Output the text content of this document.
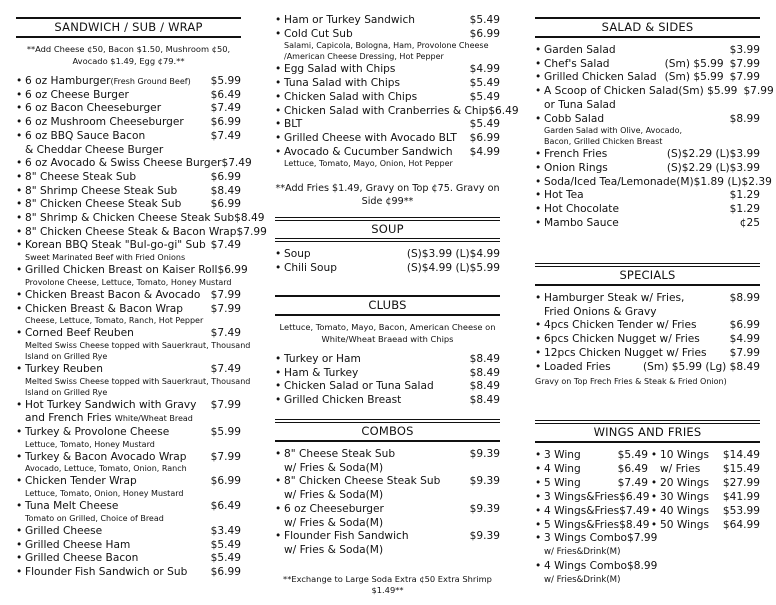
SANDWICH / SUB / WRAP
**Add Cheese ¢50, Bacon $1.50, Mushroom ¢50, Avocado $1.49, Egg ¢79.**
• 6 oz Hamburger(Fresh Ground Beef)	$5.99
• 6 oz Cheese Burger	$6.49
• 6 oz Bacon Cheeseburger	$7.49
• 6 oz Mushroom Cheeseburger	$6.99
• 6 oz BBQ Sauce Bacon	$7.49
& Cheddar Cheese Burger
• 6 oz Avocado & Swiss Cheese Burger $7.49
• 8" Cheese Steak Sub	$6.99
• 8" Shrimp Cheese Steak Sub	$8.49
• 8" Chicken Cheese Steak Sub	$6.99
• 8" Shrimp & Chicken Cheese Steak Sub $8.49
• 8" Chicken Cheese Steak & Bacon Wrap $7.99
• Korean BBQ Steak "Bul-go-gi" Sub $7.49
Sweet Marinated Beef with Fried Onions
• Grilled Chicken Breast on Kaiser Roll $6.99
Provolone Cheese, Lettuce, Tomato, Honey Mustard
• Chicken Breast Bacon & Avocado $7.99
• Chicken Breast & Bacon Wrap	$7.99
Cheese, Lettuce, Tomato, Ranch, Hot Pepper
• Corned Beef Reuben	$7.49
Melted Swiss Cheese topped with Sauerkraut, Thousand
Island on Grilled Rye
• Turkey Reuben	$7.49
Melted Swiss Cheese topped with Sauerkraut, Thousand
Island on Grilled Rye
• Hot Turkey Sandwich with Gravy	$7.99
and French Fries White/Wheat Bread
• Turkey & Provolone Cheese	$5.99
Lettuce, Tomato, Honey Mustard
• Turkey & Bacon Avocado Wrap	$7.99
Avocado, Lettuce, Tomato, Onion, Ranch
• Chicken Tender Wrap	$6.99
Lettuce, Tomato, Onion, Honey Mustard
• Tuna Melt Cheese	$6.49
Tomato on Grilled, Choice of Bread
• Grilled Cheese	$3.49
• Grilled Cheese Ham	$5.49
• Grilled Cheese Bacon	$5.49
• Flounder Fish Sandwich or Sub	$6.99
• Ham or Turkey Sandwich	$5.49
• Cold Cut Sub	$6.99
Salami, Capicola, Bologna, Ham, Provolone Cheese
/American Cheese Dressing, Hot Pepper
• Egg Salad with Chips	$4.99
• Tuna Salad with Chips	$5.49
• Chicken Salad with Chips	$5.49
• Chicken Salad with Cranberries & Chip $6.49
• BLT	$5.49
• Grilled Cheese with Avocado BLT	$6.99
• Avocado & Cucumber Sandwich	$4.99
Lettuce, Tomato, Mayo, Onion, Hot Pepper
**Add Fries $1.49, Gravy on Top ¢75. Gravy on Side ¢99**
SOUP
• Soup	(S)$3.99 (L)$4.99
• Chili Soup	(S)$4.99 (L)$5.99
CLUBS
Lettuce, Tomato, Mayo, Bacon, American Cheese on White/Wheat Braead with Chips
• Turkey or Ham	$8.49
• Ham & Turkey	$8.49
• Chicken Salad or Tuna Salad	$8.49
• Grilled Chicken Breast	$8.49
COMBOS
• 8" Cheese Steak Sub	$9.39
w/ Fries & Soda(M)
• 8" Chicken Cheese Steak Sub	$9.39
w/ Fries & Soda(M)
• 6 oz Cheeseburger	$9.39
w/ Fries & Soda(M)
• Flounder Fish Sandwich	$9.39
w/ Fries & Soda(M)
**Exchange to Large Soda Extra ¢50 Extra Shrimp $1.49**
SALAD & SIDES
• Garden Salad	$3.99
• Chef's Salad	(Sm) $5.99 $7.99
• Grilled Chicken Salad (Sm) $5.99 $7.99
• A Scoop of Chicken Salad (Sm) $5.99 $7.99
or Tuna Salad
• Cobb Salad	$8.99
Garden Salad with Olive, Avocado,
Bacon, Grilled Chicken Breast
• French Fries	(S)$2.29 (L)$3.99
• Onion Rings	(S)$2.29 (L)$3.99
• Soda/Iced Tea/Lemonade (M)$1.89 (L)$2.39
• Hot Tea	$1.29
• Hot Chocolate	$1.29
• Mambo Sauce	¢25
SPECIALS
• Hamburger Steak w/ Fries,	$8.99
Fried Onions & Gravy
• 4pcs Chicken Tender w/ Fries	$6.99
• 6pcs Chicken Nugget w/ Fries	$4.99
• 12pcs Chicken Nugget w/ Fries	$7.99
• Loaded Fries	(Sm) $5.99 (Lg) $8.49
Gravy on Top Frech Fries & Steak & Fried Onion)
WINGS AND FRIES
• 3 Wing	$5.49 • 10 Wings	$14.49
• 4 Wing	$6.49 w/ Fries	$15.49
• 5 Wing	$7.49 • 20 Wings	$27.99
• 3 Wings&Fries $6.49 • 30 Wings	$41.99
• 4 Wings&Fries $7.49 • 40 Wings	$53.99
• 5 Wings&Fries $8.49 • 50 Wings	$64.99
• 3 Wings Combo$7.99
w/ Fries&Drink(M)
• 4 Wings Combo$8.99
w/ Fries&Drink(M)
